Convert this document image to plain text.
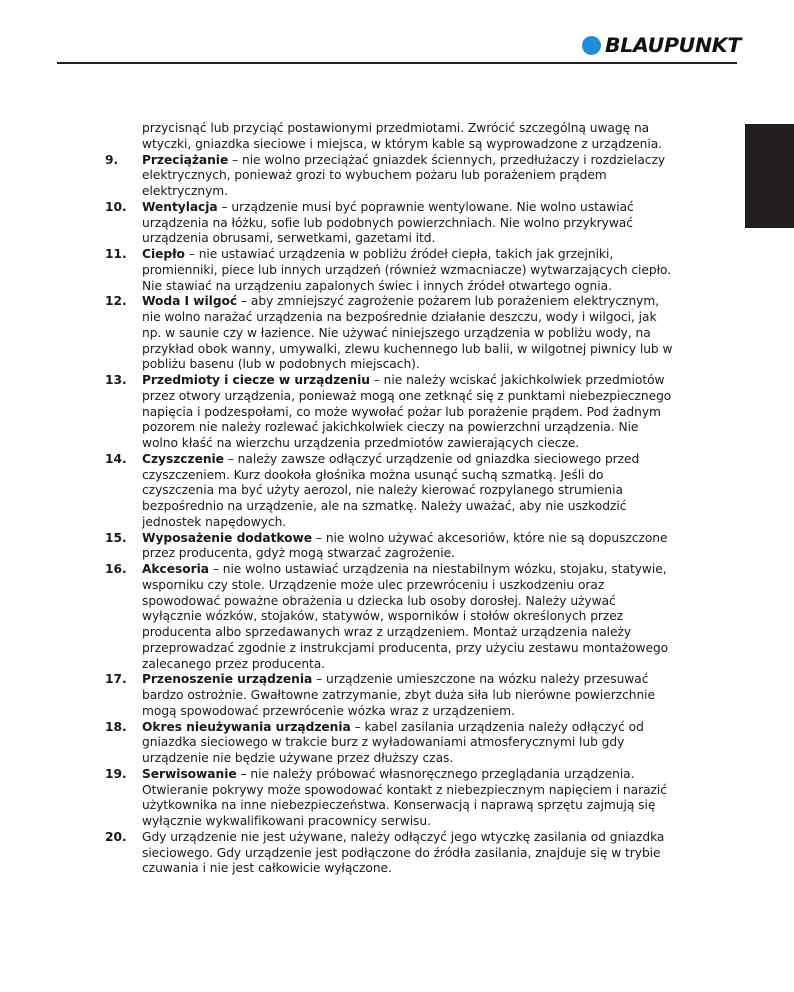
BLAUPUNKT
przycisnąć lub przyciąć postawionymi przedmiotami. Zwrócić szczególną uwagę na wtyczki, gniazdka sieciowe i miejsca, w którym kable są wyprowadzone z urządzenia.
9. Przeciążanie – nie wolno przeciążać gniazdek ściennych, przedłużaczy i rozdzielaczy elektrycznych, ponieważ grozi to wybuchem pożaru lub porażeniem prądem elektrycznym.
10. Wentylacja – urządzenie musi być poprawnie wentylowane. Nie wolno ustawiać urządzenia na łóżku, sofie lub podobnych powierzchniach. Nie wolno przykrywać urządzenia obrusami, serwetkami, gazetami itd.
11. Ciepło – nie ustawiać urządzenia w pobliżu źródeł ciepła, takich jak grzejniki, promienniki, piece lub innych urządzeń (również wzmacniacze) wytwarzających ciepło. Nie stawiać na urządzeniu zapalonych świec i innych źródeł otwartego ognia.
12. Woda I wilgoć – aby zmniejszyć zagrożenie pożarem lub porażeniem elektrycznym, nie wolno narażać urządzenia na bezpośrednie działanie deszczu, wody i wilgoci, jak np. w saunie czy w łazience. Nie używać niniejszego urządzenia w pobliżu wody, na przykład obok wanny, umywalki, zlewu kuchennego lub balii, w wilgotnej piwnicy lub w pobliżu basenu (lub w podobnych miejscach).
13. Przedmioty i ciecze w urządzeniu – nie należy wciskać jakichkolwiek przedmiotów przez otwory urządzenia, ponieważ mogą one zetknąć się z punktami niebezpiecznego napięcia i podzespołami, co może wywołać pożar lub porażenie prądem. Pod żadnym pozorem nie należy rozlewać jakichkolwiek cieczy na powierzchni urządzenia. Nie wolno kłaść na wierzchu urządzenia przedmiotów zawierających ciecze.
14. Czyszczenie – należy zawsze odłączyć urządzenie od gniazdka sieciowego przed czyszczeniem. Kurz dookoła głośnika można usunąć suchą szmatką. Jeśli do czyszczenia ma być użyty aerozol, nie należy kierować rozpylanego strumienia bezpośrednio na urządzenie, ale na szmatkę. Należy uważać, aby nie uszkodzić jednostek napędowych.
15. Wyposażenie dodatkowe – nie wolno używać akcesoriów, które nie są dopuszczone przez producenta, gdyż mogą stwarzać zagrożenie.
16. Akcesoria – nie wolno ustawiać urządzenia na niestabilnym wózku, stojaku, statywie, wsporniku czy stole. Urządzenie może ulec przewróceniu i uszkodzeniu oraz spowodować poważne obrażenia u dziecka lub osoby dorosłej. Należy używać wyłącznie wózków, stojaków, statywów, wsporników i stołów określonych przez producenta albo sprzedawanych wraz z urządzeniem. Montaż urządzenia należy przeprowadzać zgodnie z instrukcjami producenta, przy użyciu zestawu montażowego zalecanego przez producenta.
17. Przenoszenie urządzenia – urządzenie umieszczone na wózku należy przesuwać bardzo ostrożnie. Gwałtowne zatrzymanie, zbyt duża siła lub nierówne powierzchnie mogą spowodować przewrócenie wózka wraz z urządzeniem.
18. Okres nieużywania urządzenia – kabel zasilania urządzenia należy odłączyć od gniazdka sieciowego w trakcie burz z wyładowaniami atmosferycznymi lub gdy urządzenie nie będzie używane przez dłuższy czas.
19. Serwisowanie – nie należy próbować własnoręcznego przeglądania urządzenia. Otwieranie pokrywy może spowodować kontakt z niebezpiecznym napięciem i narazić użytkownika na inne niebezpieczeństwa. Konserwacją i naprawą sprzętu zajmują się wyłącznie wykwalifikowani pracownicy serwisu.
20. Gdy urządzenie nie jest używane, należy odłączyć jego wtyczkę zasilania od gniazdka sieciowego. Gdy urządzenie jest podłączone do źródła zasilania, znajduje się w trybie czuwania i nie jest całkowicie wyłączone.
